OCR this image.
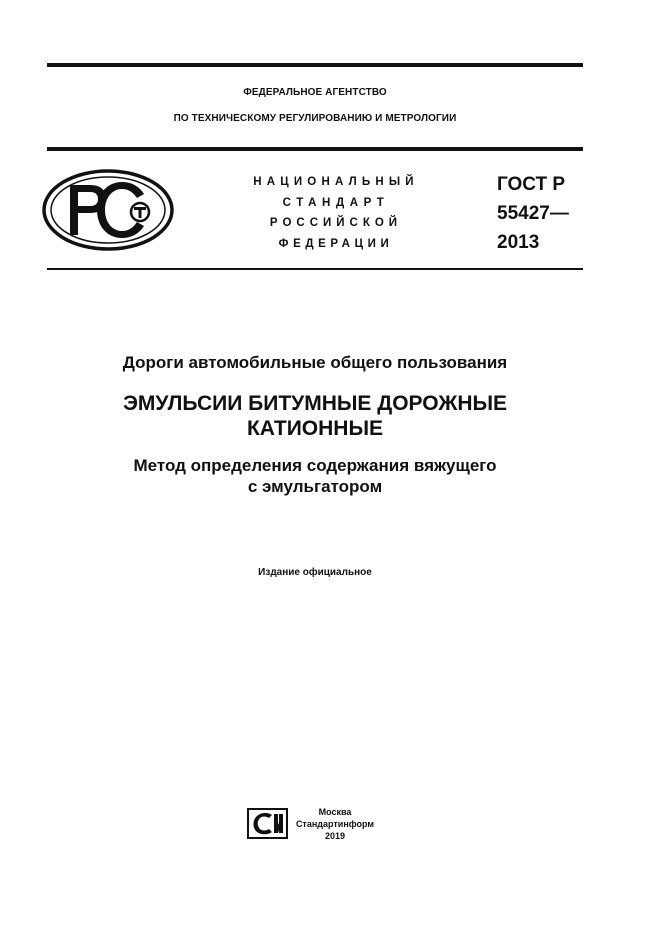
ФЕДЕРАЛЬНОЕ АГЕНТСТВО
ПО ТЕХНИЧЕСКОМУ РЕГУЛИРОВАНИЮ И МЕТРОЛОГИИ
НАЦИОНАЛЬНЫЙ
СТАНДАРТ
РОССИЙСКОЙ
ФЕДЕРАЦИИ
ГОСТ Р
55427—
2013
Дороги автомобильные общего пользования
ЭМУЛЬСИИ БИТУМНЫЕ ДОРОЖНЫЕ
КАТИОННЫЕ
Метод определения содержания вяжущего
с эмульгатором
Издание официальное
Москва
Стандартинформ
2019
